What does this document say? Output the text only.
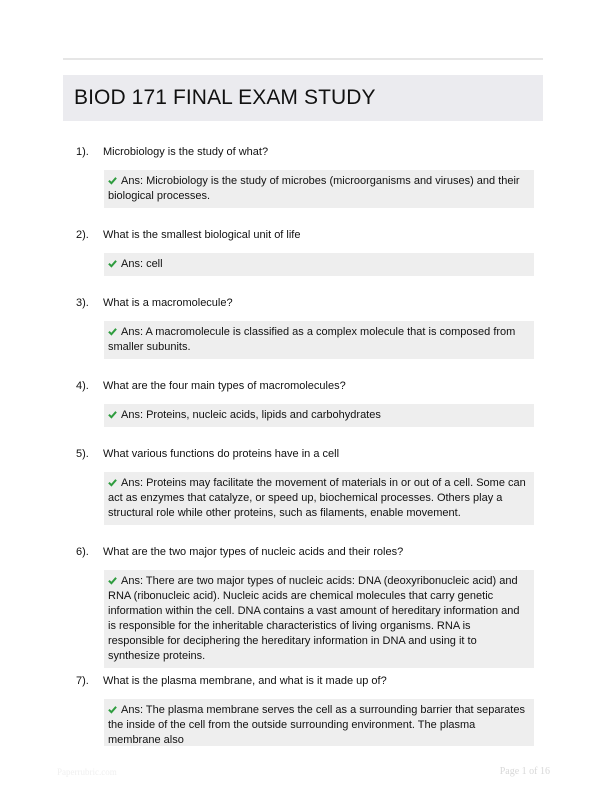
BIOD 171 FINAL EXAM STUDY
1). Microbiology is the study of what?
Ans: Microbiology is the study of microbes (microorganisms and viruses) and their biological processes.
2). What is the smallest biological unit of life
Ans: cell
3). What is a macromolecule?
Ans: A macromolecule is classified as a complex molecule that is composed from smaller subunits.
4). What are the four main types of macromolecules?
Ans: Proteins, nucleic acids, lipids and carbohydrates
5). What various functions do proteins have in a cell
Ans: Proteins may facilitate the movement of materials in or out of a cell. Some can act as enzymes that catalyze, or speed up, biochemical processes. Others play a structural role while other proteins, such as filaments, enable movement.
6). What are the two major types of nucleic acids and their roles?
Ans: There are two major types of nucleic acids: DNA (deoxyribonucleic acid) and RNA (ribonucleic acid). Nucleic acids are chemical molecules that carry genetic information within the cell. DNA contains a vast amount of hereditary information and is responsible for the inheritable characteristics of living organisms. RNA is responsible for deciphering the hereditary information in DNA and using it to synthesize proteins.
7). What is the plasma membrane, and what is it made up of?
Ans: The plasma membrane serves the cell as a surrounding barrier that separates the inside of the cell from the outside surrounding environment. The plasma membrane also
Paperrubric.com	Page 1 of 16
